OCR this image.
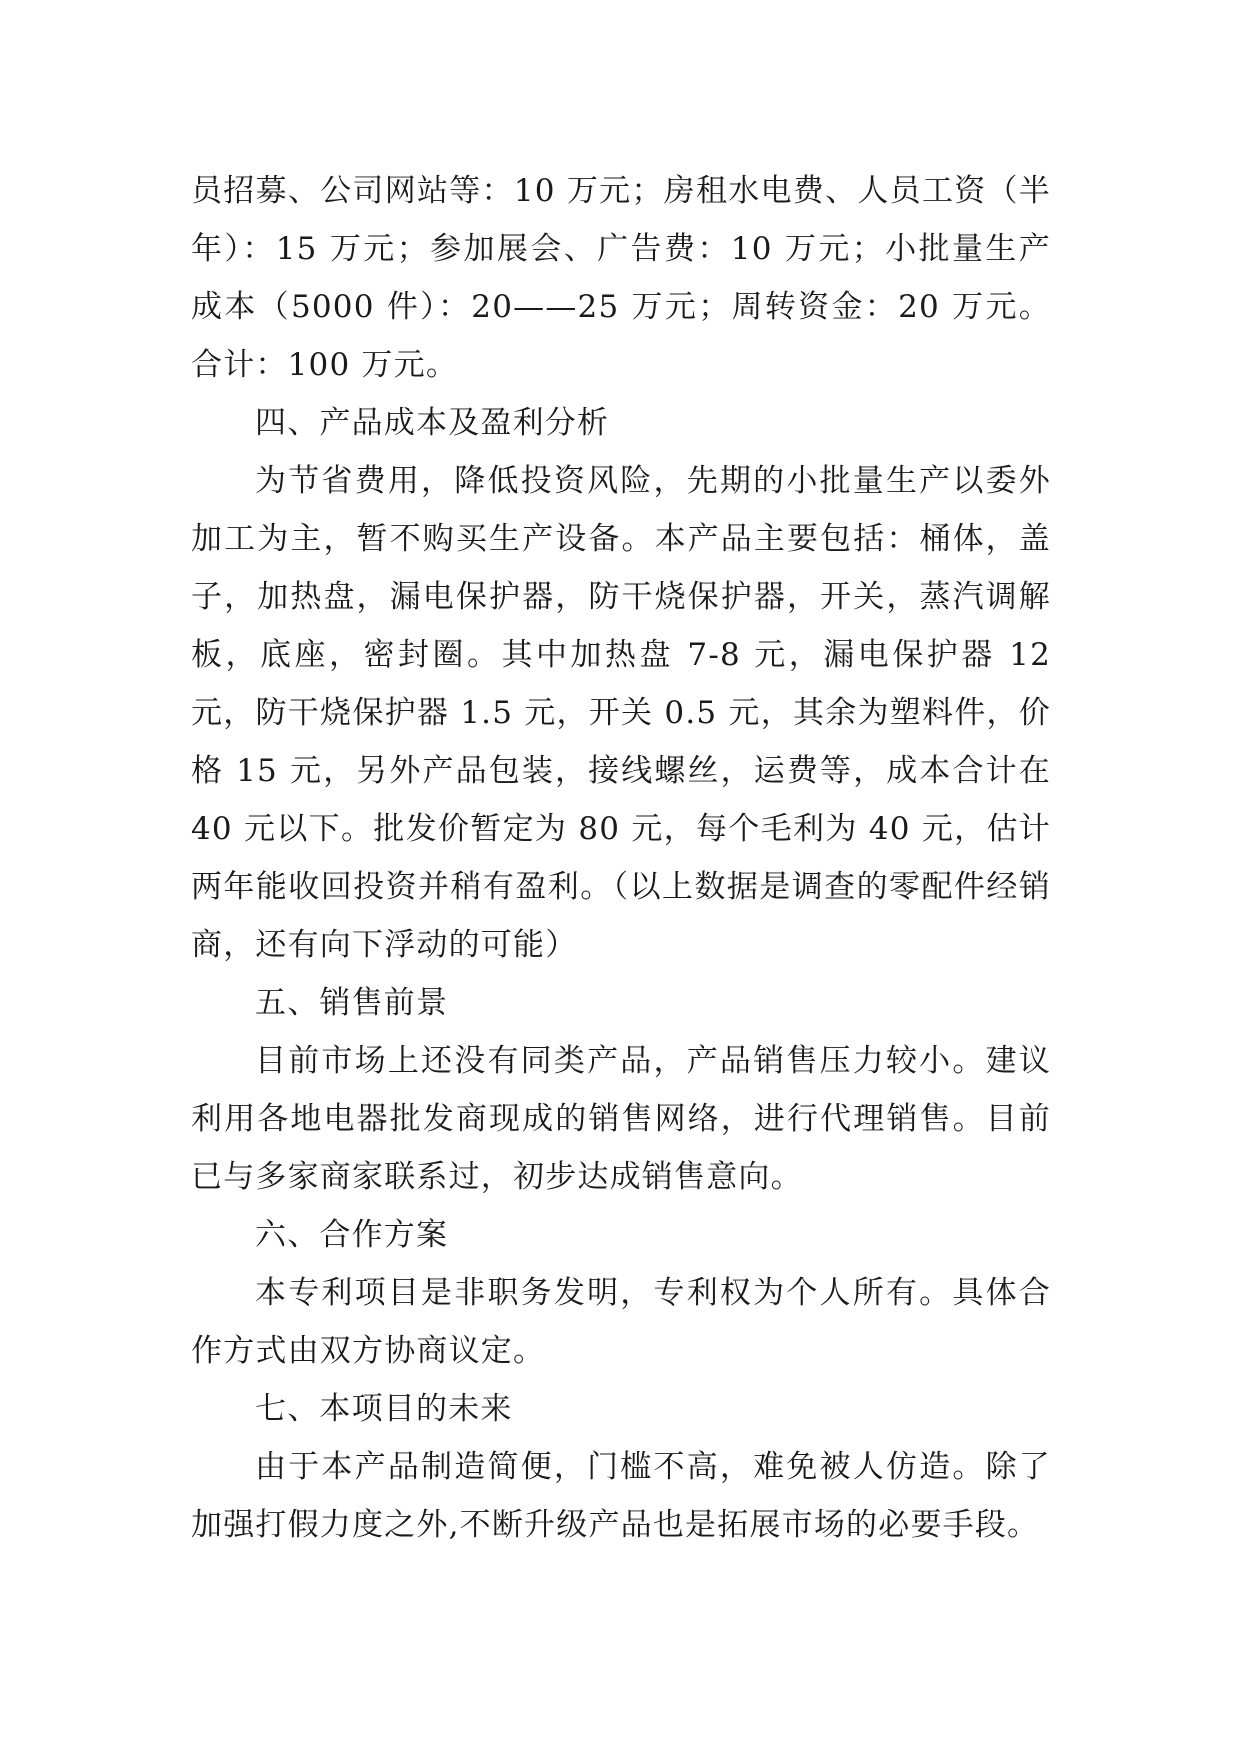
员招募、公司网站等：10 万元；房租水电费、人员工资（半年）：15 万元；参加展会、广告费：10 万元；小批量生产成本（5000 件）：20——25 万元；周转资金：20 万元。合计：100 万元。

四、产品成本及盈利分析

为节省费用，降低投资风险，先期的小批量生产以委外加工为主，暂不购买生产设备。本产品主要包括：桶体，盖子，加热盘，漏电保护器，防干烧保护器，开关，蒸汽调解板，底座，密封圈。其中加热盘 7-8 元，漏电保护器 12 元，防干烧保护器 1.5 元，开关 0.5 元，其余为塑料件，价格 15 元，另外产品包装，接线螺丝，运费等，成本合计在 40 元以下。批发价暂定为 80 元，每个毛利为 40 元，估计两年能收回投资并稍有盈利。（以上数据是调查的零配件经销商，还有向下浮动的可能）

五、销售前景

目前市场上还没有同类产品，产品销售压力较小。建议利用各地电器批发商现成的销售网络，进行代理销售。目前已与多家商家联系过，初步达成销售意向。

六、合作方案

本专利项目是非职务发明，专利权为个人所有。具体合作方式由双方协商议定。

七、本项目的未来

由于本产品制造简便，门槛不高，难免被人仿造。除了加强打假力度之外,不断升级产品也是拓展市场的必要手段。
